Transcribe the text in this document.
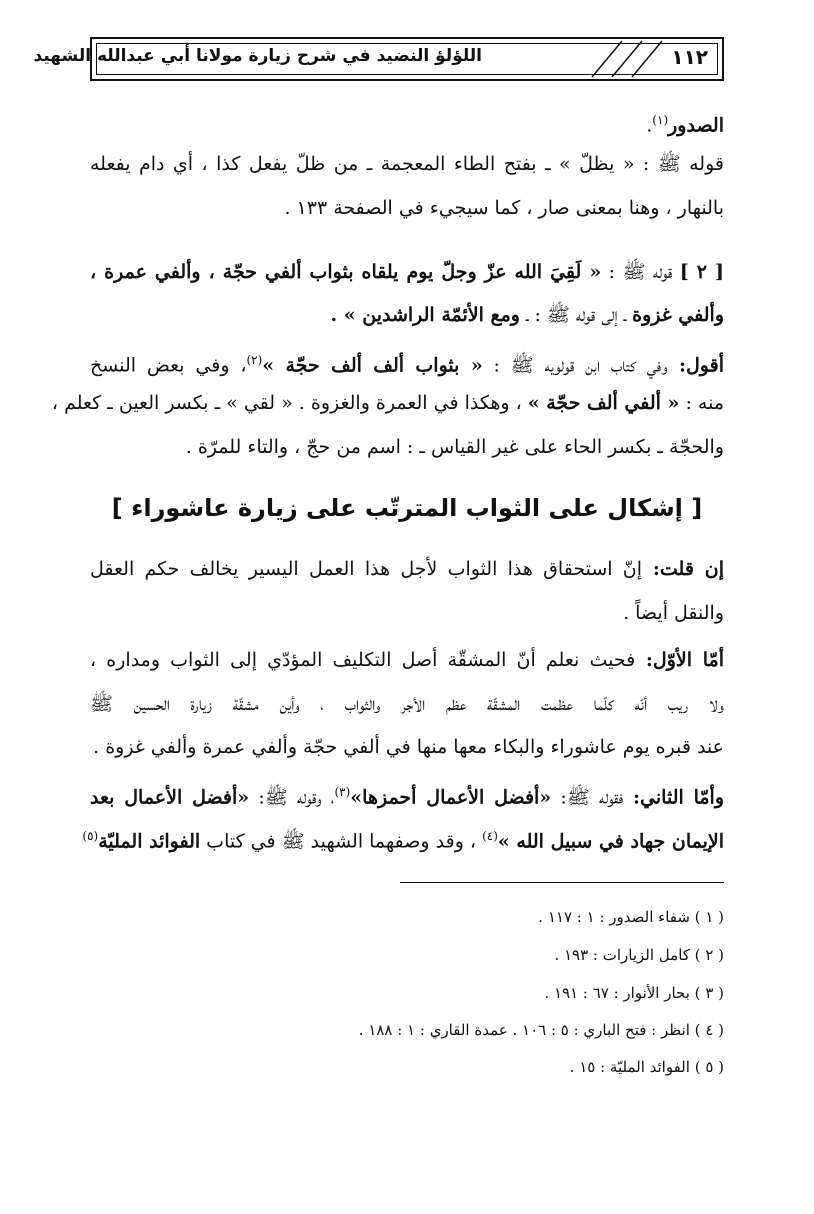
١١٢
اللؤلؤ النضيد في شرح زيارة مولانا أبي عبدالله الشهيد
الصدور$^{(١)}$.
قوله ﷺ : « يظلّ » ـ بفتح الطاء المعجمة ـ من ظلّ يفعل كذا ، أي دام يفعله
بالنهار ، وهنا بمعنى صار ، كما سيجيء في الصفحة ١٣٣ .
[ ٢ ] قوله ﷺ : « لَقِيَ الله عزّ وجلّ يوم يلقاه بثواب ألفي حجّة ، وألفي عمرة ،
وألفي غزوة ـ إلى قوله ﷺ : ـ ومع الأئمّة الراشدين » .
أقول: وفي كتاب ابن قولويه ﷺ : « بثواب ألف ألف حجّة »$^{(٢)}$، وفي بعض النسخ
منه : « ألفي ألف حجّة » ، وهكذا في العمرة والغزوة . « لقي » ـ بكسر العين ـ كعلم ،
والحجّة ـ بكسر الحاء على غير القياس ـ : اسم من حجّ ، والتاء للمرّة .
[ إشكال على الثواب المترتّب على زيارة عاشوراء ]
إن قلت: إنّ استحقاق هذا الثواب لأجل هذا العمل اليسير يخالف حكم العقل
والنقل أيضاً .
أمّا الأوّل: فحيث نعلم أنّ المشقّة أصل التكليف المؤدّي إلى الثواب ومداره ،
ولا ريب أنّه كلّما عظمت المشقّة عظم الأجر والثواب ، وأين مشقّة زيارة الحسين ﷺ
عند قبره يوم عاشوراء والبكاء معها منها في ألفي حجّة وألفي عمرة وألفي غزوة .
وأمّا الثاني: فقوله ﷺ: «أفضل الأعمال أحمزها»$^{(٣)}$، وقوله ﷺ: «أفضل الأعمال بعد
الإيمان جهاد في سبيل الله »$^{(٤)}$ ، وقد وصفهما الشهيد ﷺ في كتاب الفوائد المليّة$^{(٥)}$
( ١ ) شفاء الصدور : ١ : ١١٧ .
( ٢ ) كامل الزيارات : ١٩٣ .
( ٣ ) بحار الأنوار : ٦٧ : ١٩١ .
( ٤ ) انظر : فتح الباري : ٥ : ١٠٦ . عمدة القاري : ١ : ١٨٨ .
( ٥ ) الفوائد المليّة : ١٥ .
